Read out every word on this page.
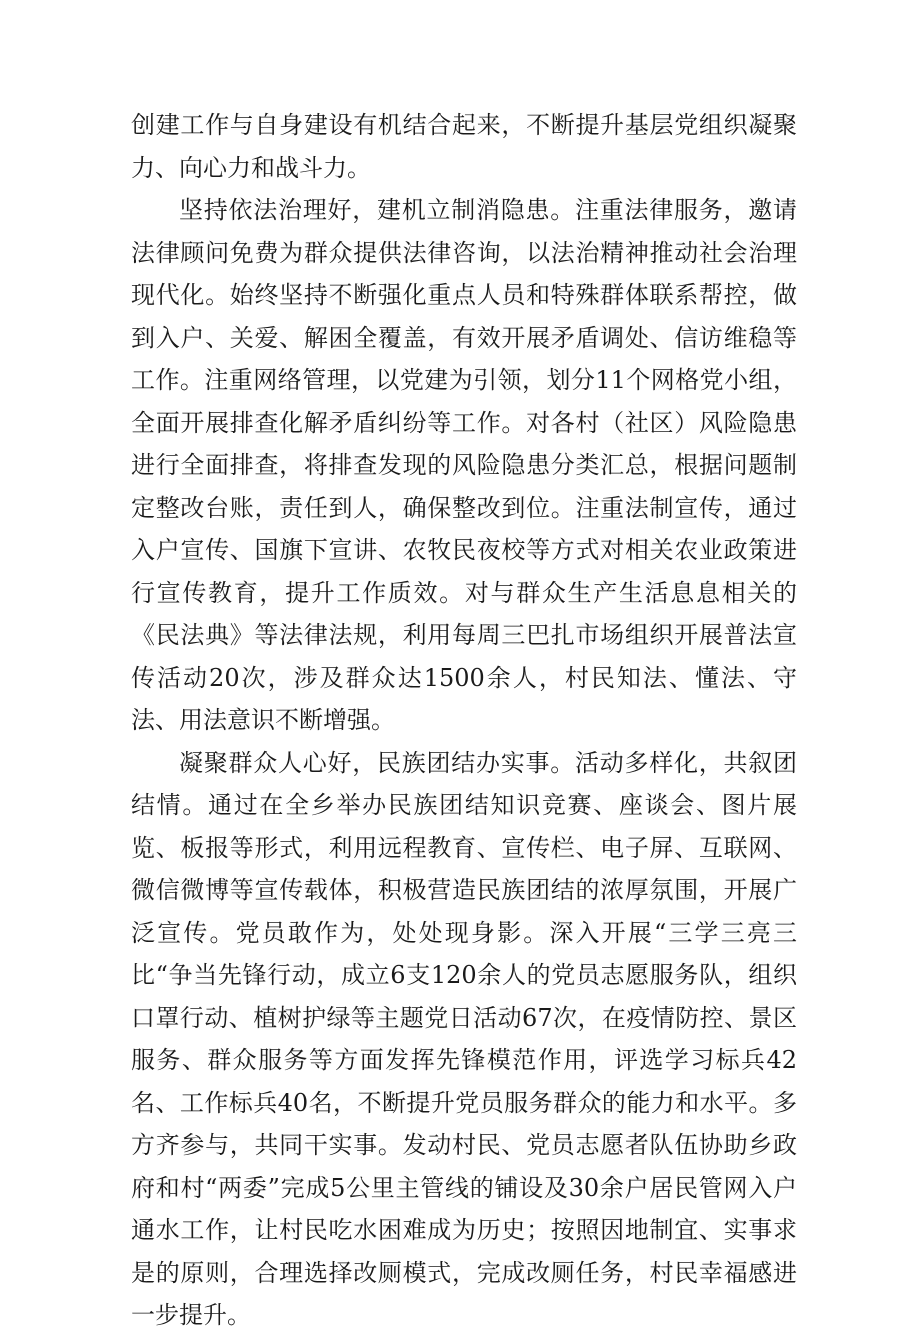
创建工作与自身建设有机结合起来，不断提升基层党组织凝聚力、向心力和战斗力。

坚持依法治理好，建机立制消隐患。注重法律服务，邀请法律顾问免费为群众提供法律咨询，以法治精神推动社会治理现代化。始终坚持不断强化重点人员和特殊群体联系帮控，做到入户、关爱、解困全覆盖，有效开展矛盾调处、信访维稳等工作。注重网络管理，以党建为引领，划分11个网格党小组，全面开展排查化解矛盾纠纷等工作。对各村（社区）风险隐患进行全面排查，将排查发现的风险隐患分类汇总，根据问题制定整改台账，责任到人，确保整改到位。注重法制宣传，通过入户宣传、国旗下宣讲、农牧民夜校等方式对相关农业政策进行宣传教育，提升工作质效。对与群众生产生活息息相关的《民法典》等法律法规，利用每周三巴扎市场组织开展普法宣传活动20次，涉及群众达1500余人，村民知法、懂法、守法、用法意识不断增强。

凝聚群众人心好，民族团结办实事。活动多样化，共叙团结情。通过在全乡举办民族团结知识竞赛、座谈会、图片展览、板报等形式，利用远程教育、宣传栏、电子屏、互联网、微信微博等宣传载体，积极营造民族团结的浓厚氛围，开展广泛宣传。党员敢作为，处处现身影。深入开展“三学三亮三比“争当先锋行动，成立6支120余人的党员志愿服务队，组织口罩行动、植树护绿等主题党日活动67次，在疫情防控、景区服务、群众服务等方面发挥先锋模范作用，评选学习标兵42名、工作标兵40名，不断提升党员服务群众的能力和水平。多方齐参与，共同干实事。发动村民、党员志愿者队伍协助乡政府和村“两委”完成5公里主管线的铺设及30余户居民管网入户通水工作，让村民吃水困难成为历史；按照因地制宜、实事求是的原则，合理选择改厕模式，完成改厕任务，村民幸福感进一步提升。
